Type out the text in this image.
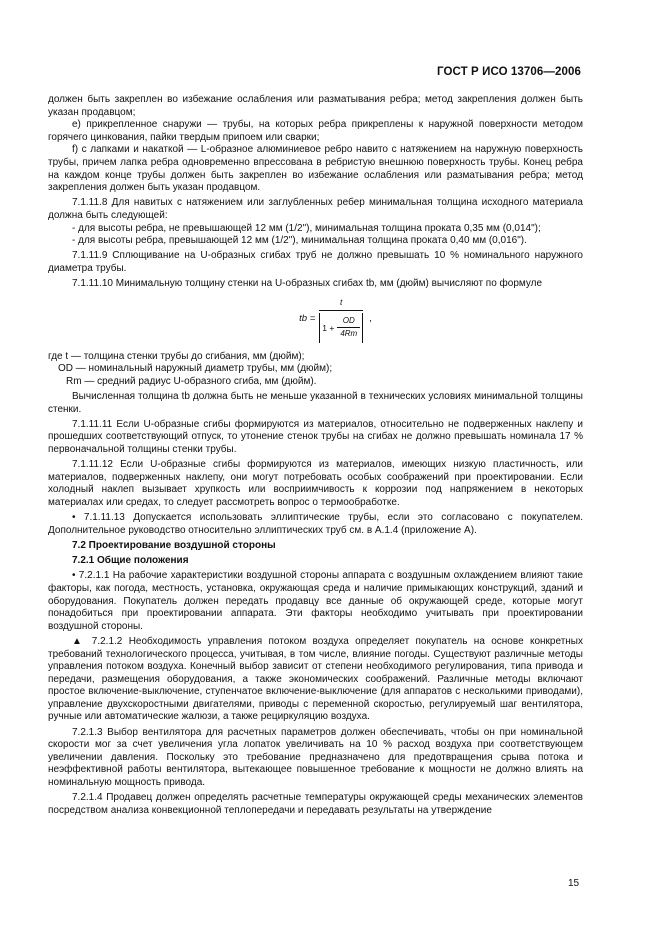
ГОСТ Р ИСО 13706—2006

должен быть закреплен во избежание ослабления или разматывания ребра; метод закрепления должен быть указан продавцом;

е) прикрепленное снаружи — трубы, на которых ребра прикреплены к наружной поверхности методом горячего цинкования, пайки твердым припоем или сварки;

f) с лапками и накаткой — L-образное алюминиевое ребро навито с натяжением на наружную поверхность трубы, причем лапка ребра одновременно впрессована в ребристую внешнюю поверхность трубы. Конец ребра на каждом конце трубы должен быть закреплен во избежание ослабления или разматывания ребра; метод закрепления должен быть указан продавцом.

7.1.11.8 Для навитых с натяжением или заглубленных ребер минимальная толщина исходного материала должна быть следующей:

- для высоты ребра, не превышающей 12 мм (1/2"), минимальная толщина проката 0,35 мм (0,014");

- для высоты ребра, превышающей 12 мм (1/2"), минимальная толщина проката 0,40 мм (0,016").

7.1.11.9 Сплющивание на U-образных сгибах труб не должно превышать 10 % номинального наружного диаметра трубы.

7.1.11.10 Минимальную толщину стенки на U-образных сгибах tb, мм (дюйм) вычисляют по формуле

tb = $\frac{t}{1 + \frac{OD}{4Rm}}$ ,

где t — толщина стенки трубы до сгибания, мм (дюйм);

OD — номинальный наружный диаметр трубы, мм (дюйм);

Rm — средний радиус U-образного сгиба, мм (дюйм).

Вычисленная толщина tb должна быть не меньше указанной в технических условиях минимальной толщины стенки.

7.1.11.11 Если U-образные сгибы формируются из материалов, относительно не подверженных наклепу и прошедших соответствующий отпуск, то утонение стенок трубы на сгибах не должно превышать номинала 17 % первоначальной толщины стенки трубы.

7.1.11.12 Если U-образные сгибы формируются из материалов, имеющих низкую пластичность, или материалов, подверженных наклепу, они могут потребовать особых соображений при проектировании. Если холодный наклеп вызывает хрупкость или восприимчивость к коррозии под напряжением в некоторых материалах или средах, то следует рассмотреть вопрос о термообработке.

• 7.1.11.13 Допускается использовать эллиптические трубы, если это согласовано с покупателем. Дополнительное руководство относительно эллиптических труб см. в А.1.4 (приложение А).

7.2 Проектирование воздушной стороны

7.2.1 Общие положения

• 7.2.1.1 На рабочие характеристики воздушной стороны аппарата с воздушным охлаждением влияют такие факторы, как погода, местность, установка, окружающая среда и наличие примыкающих конструкций, зданий и оборудования. Покупатель должен передать продавцу все данные об окружающей среде, которые могут понадобиться при проектировании аппарата. Эти факторы необходимо учитывать при проектировании воздушной стороны.

▲ 7.2.1.2 Необходимость управления потоком воздуха определяет покупатель на основе конкретных требований технологического процесса, учитывая, в том числе, влияние погоды. Существуют различные методы управления потоком воздуха. Конечный выбор зависит от степени необходимого регулирования, типа привода и передачи, размещения оборудования, а также экономических соображений. Различные методы включают простое включение-выключение, ступенчатое включение-выключение (для аппаратов с несколькими приводами), управление двухскоростными двигателями, приводы с переменной скоростью, регулируемый шаг вентилятора, ручные или автоматические жалюзи, а также рециркуляцию воздуха.

7.2.1.3 Выбор вентилятора для расчетных параметров должен обеспечивать, чтобы он при номинальной скорости мог за счет увеличения угла лопаток увеличивать на 10 % расход воздуха при соответствующем увеличении давления. Поскольку это требование предназначено для предотвращения срыва потока и неэффективной работы вентилятора, вытекающее повышенное требование к мощности не должно влиять на номинальную мощность привода.

7.2.1.4 Продавец должен определять расчетные температуры окружающей среды механических элементов посредством анализа конвекционной теплопередачи и передавать результаты на утверждение

15
